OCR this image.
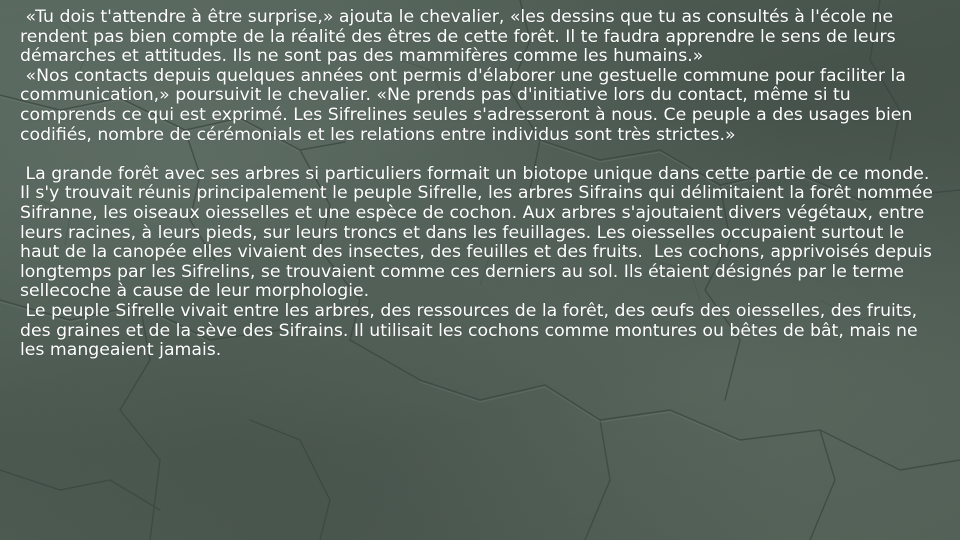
«Tu dois t'attendre à être surprise,» ajouta le chevalier, «les dessins que tu as consultés à l'école ne rendent pas bien compte de la réalité des êtres de cette forêt. Il te faudra apprendre le sens de leurs démarches et attitudes. Ils ne sont pas des mammifères comme les humains.»

«Nos contacts depuis quelques années ont permis d'élaborer une gestuelle commune pour faciliter la communication,» poursuivit le chevalier. «Ne prends pas d'initiative lors du contact, même si tu comprends ce qui est exprimé. Les Sifrelines seules s'adresseront à nous. Ce peuple a des usages bien codifiés, nombre de cérémonials et les relations entre individus sont très strictes.»

La grande forêt avec ses arbres si particuliers formait un biotope unique dans cette partie de ce monde. Il s'y trouvait réunis principalement le peuple Sifrelle, les arbres Sifrains qui délimitaient la forêt nommée Sifranne, les oiseaux oiesselles et une espèce de cochon. Aux arbres s'ajoutaient divers végétaux, entre leurs racines, à leurs pieds, sur leurs troncs et dans les feuillages. Les oiesselles occupaient surtout le haut de la canopée elles vivaient des insectes, des feuilles et des fruits.  Les cochons, apprivoisés depuis longtemps par les Sifrelins, se trouvaient comme ces derniers au sol. Ils étaient désignés par le terme sellecoche à cause de leur morphologie.

Le peuple Sifrelle vivait entre les arbres, des ressources de la forêt, des œufs des oiesselles, des fruits, des graines et de la sève des Sifrains. Il utilisait les cochons comme montures ou bêtes de bât, mais ne les mangeaient jamais.
